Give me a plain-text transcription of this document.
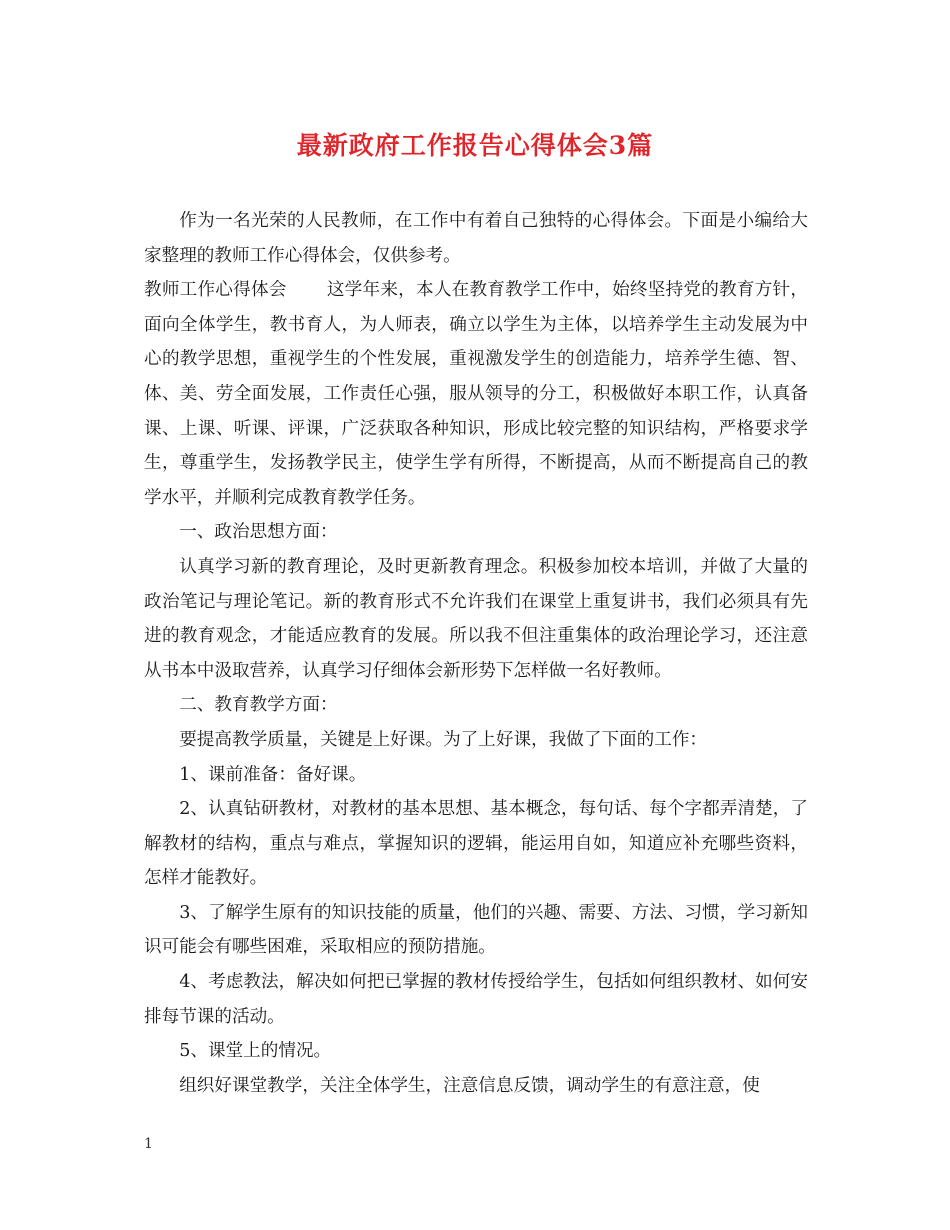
最新政府工作报告心得体会3篇

作为一名光荣的人民教师，在工作中有着自己独特的心得体会。下面是小编给大家整理的教师工作心得体会，仅供参考。

教师工作心得体会 这学年来，本人在教育教学工作中，始终坚持党的教育方针，面向全体学生，教书育人，为人师表，确立以学生为主体，以培养学生主动发展为中心的教学思想，重视学生的个性发展，重视激发学生的创造能力，培养学生德、智、体、美、劳全面发展，工作责任心强，服从领导的分工，积极做好本职工作，认真备课、上课、听课、评课，广泛获取各种知识，形成比较完整的知识结构，严格要求学生，尊重学生，发扬教学民主，使学生学有所得，不断提高，从而不断提高自己的教学水平，并顺利完成教育教学任务。

一、政治思想方面：

认真学习新的教育理论，及时更新教育理念。积极参加校本培训，并做了大量的政治笔记与理论笔记。新的教育形式不允许我们在课堂上重复讲书，我们必须具有先进的教育观念，才能适应教育的发展。所以我不但注重集体的政治理论学习，还注意从书本中汲取营养，认真学习仔细体会新形势下怎样做一名好教师。

二、教育教学方面：

要提高教学质量，关键是上好课。为了上好课，我做了下面的工作：

1、课前准备：备好课。

2、认真钻研教材，对教材的基本思想、基本概念，每句话、每个字都弄清楚，了解教材的结构，重点与难点，掌握知识的逻辑，能运用自如，知道应补充哪些资料，怎样才能教好。

3、了解学生原有的知识技能的质量，他们的兴趣、需要、方法、习惯，学习新知识可能会有哪些困难，采取相应的预防措施。

4、考虑教法，解决如何把已掌握的教材传授给学生，包括如何组织教材、如何安排每节课的活动。

5、课堂上的情况。

组织好课堂教学，关注全体学生，注意信息反馈，调动学生的有意注意，使

1
